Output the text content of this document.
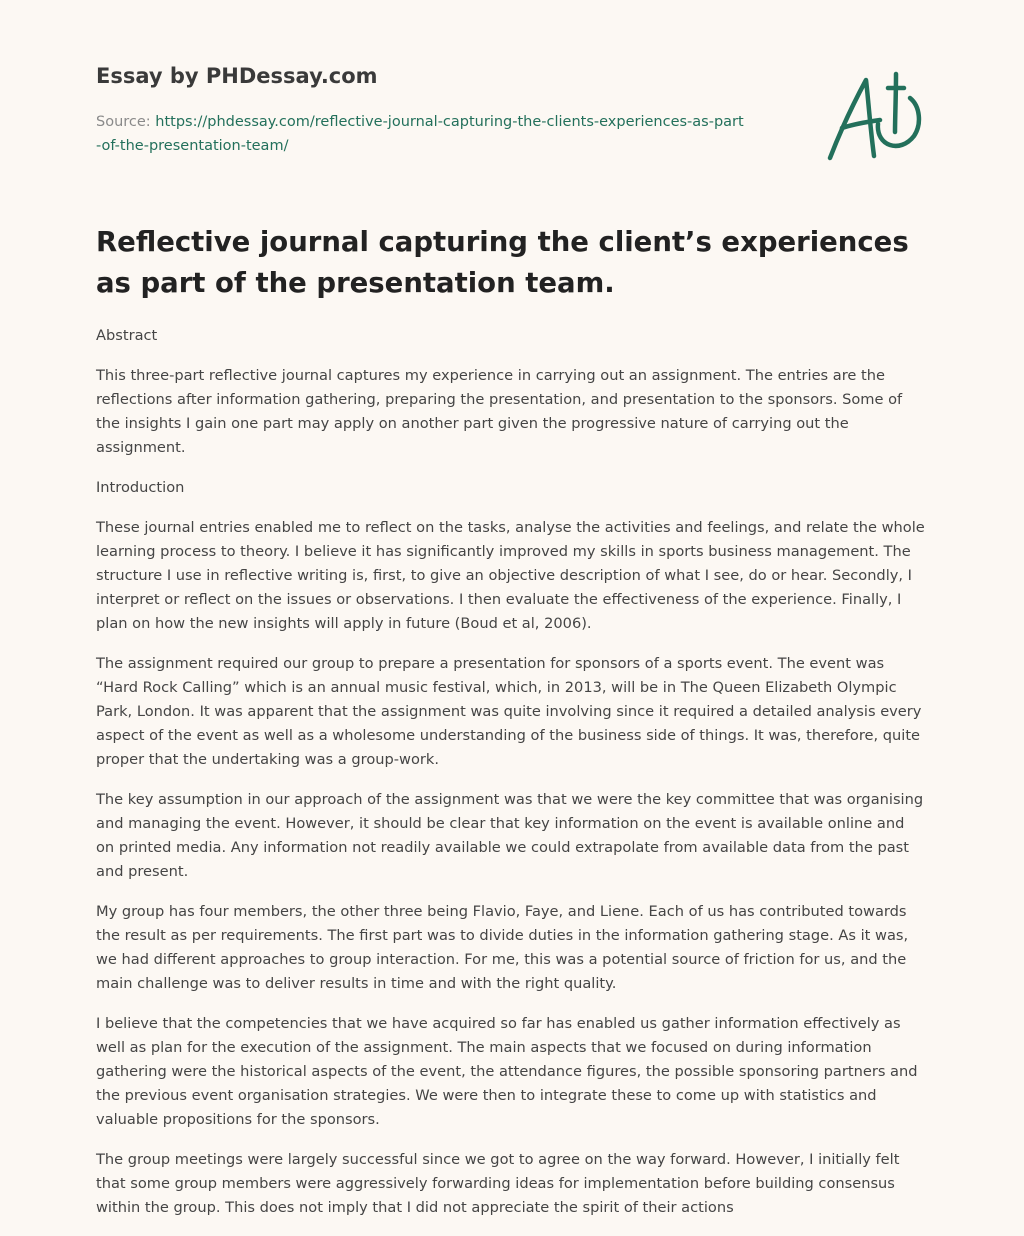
Essay by PHDessay.com
Source: https://phdessay.com/reflective-journal-capturing-the-clients-experiences-as-part-of-the-presentation-team/
Reflective journal capturing the client’s experiences as part of the presentation team.

Abstract

This three-part reflective journal captures my experience in carrying out an assignment. The entries are the reflections after information gathering, preparing the presentation, and presentation to the sponsors. Some of the insights I gain one part may apply on another part given the progressive nature of carrying out the assignment.

Introduction

These journal entries enabled me to reflect on the tasks, analyse the activities and feelings, and relate the whole learning process to theory. I believe it has significantly improved my skills in sports business management. The structure I use in reflective writing is, first, to give an objective description of what I see, do or hear. Secondly, I interpret or reflect on the issues or observations. I then evaluate the effectiveness of the experience. Finally, I plan on how the new insights will apply in future (Boud et al, 2006).

The assignment required our group to prepare a presentation for sponsors of a sports event. The event was “Hard Rock Calling” which is an annual music festival, which, in 2013, will be in The Queen Elizabeth Olympic Park, London. It was apparent that the assignment was quite involving since it required a detailed analysis every aspect of the event as well as a wholesome understanding of the business side of things. It was, therefore, quite proper that the undertaking was a group-work.

The key assumption in our approach of the assignment was that we were the key committee that was organising and managing the event. However, it should be clear that key information on the event is available online and on printed media. Any information not readily available we could extrapolate from available data from the past and present.

My group has four members, the other three being Flavio, Faye, and Liene. Each of us has contributed towards the result as per requirements. The first part was to divide duties in the information gathering stage. As it was, we had different approaches to group interaction. For me, this was a potential source of friction for us, and the main challenge was to deliver results in time and with the right quality.

I believe that the competencies that we have acquired so far has enabled us gather information effectively as well as plan for the execution of the assignment. The main aspects that we focused on during information gathering were the historical aspects of the event, the attendance figures, the possible sponsoring partners and the previous event organisation strategies. We were then to integrate these to come up with statistics and valuable propositions for the sponsors.

The group meetings were largely successful since we got to agree on the way forward. However, I initially felt that some group members were aggressively forwarding ideas for implementation before building consensus within the group. This does not imply that I did not appreciate the spirit of their actions
